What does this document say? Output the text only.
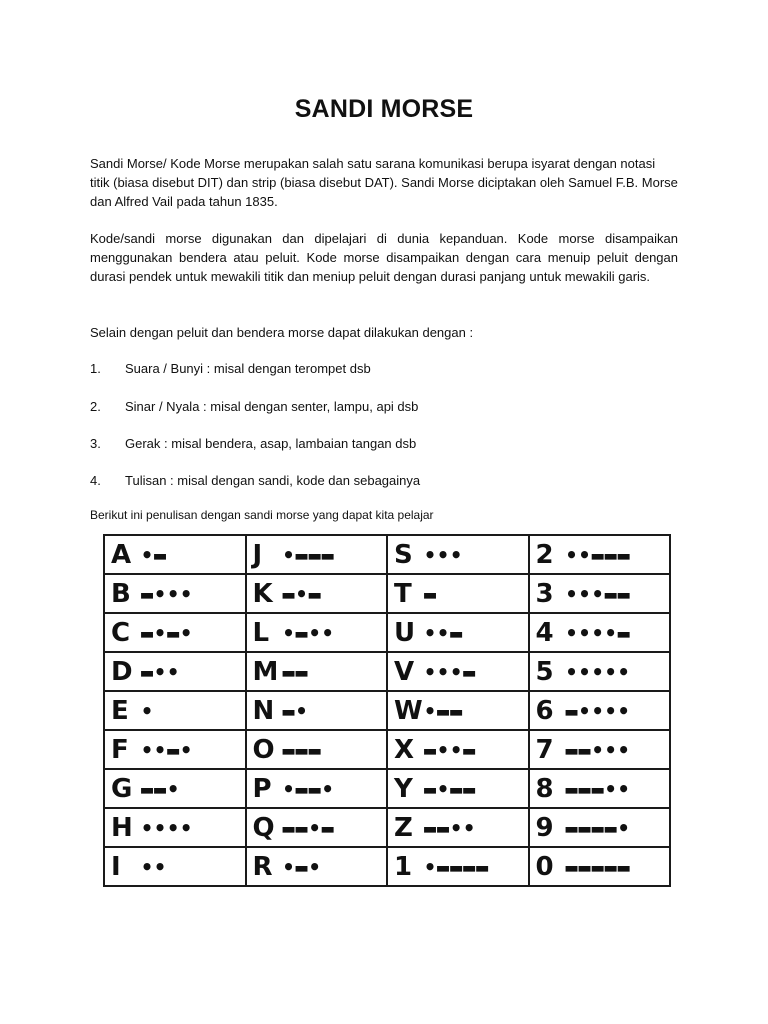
SANDI MORSE

Sandi Morse/ Kode Morse merupakan salah satu sarana komunikasi berupa isyarat dengan notasi titik (biasa disebut DIT) dan strip (biasa disebut DAT). Sandi Morse diciptakan oleh Samuel F.B. Morse dan Alfred Vail pada tahun 1835.

Kode/sandi morse digunakan dan dipelajari di dunia kepanduan. Kode morse disampaikan menggunakan bendera atau peluit. Kode morse disampaikan dengan cara menuip peluit dengan durasi pendek untuk mewakili titik dan meniup peluit dengan durasi panjang untuk mewakili garis.

Selain dengan peluit dan bendera morse dapat dilakukan dengan :

1. Suara / Bunyi : misal dengan terompet dsb
2. Sinar / Nyala : misal dengan senter, lampu, api dsb
3. Gerak : misal bendera, asap, lambaian tangan dsb
4. Tulisan : misal dengan sandi, kode dan sebagainya

Berikut ini penulisan dengan sandi morse yang dapat kita pelajar

A •▬	J •▬▬▬	S •••	2 ••▬▬▬

B ▬•••	K ▬•▬	T ▬	3 •••▬▬

C ▬•▬•	L •▬••	U ••▬	4 ••••▬

D ▬••	M ▬▬	V •••▬	5 •••••

E •	N ▬•	W •▬▬	6 ▬••••

F ••▬•	O ▬▬▬	X ▬••▬	7 ▬▬•••

G ▬▬•	P •▬▬•	Y ▬•▬▬	8 ▬▬▬••

H ••••	Q ▬▬•▬	Z ▬▬••	9 ▬▬▬▬•

I ••	R •▬•	1 •▬▬▬▬	0 ▬▬▬▬▬
